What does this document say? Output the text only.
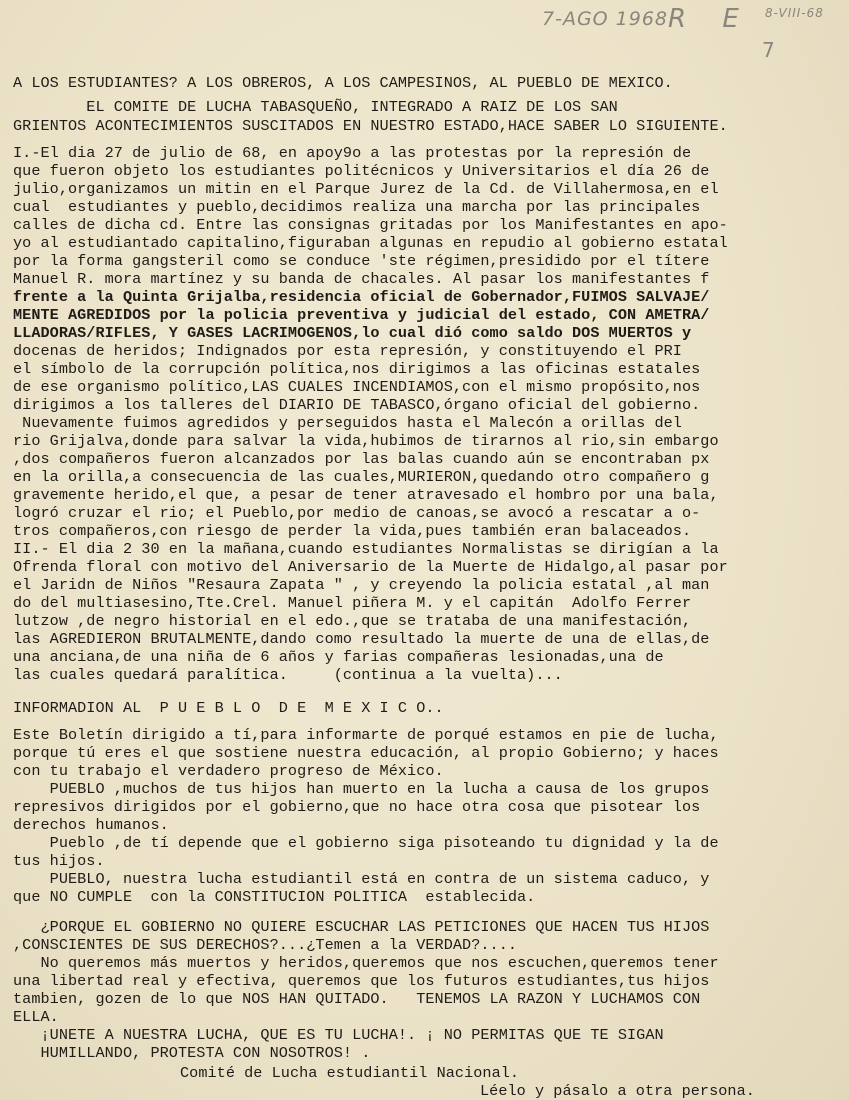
7-AGO 1968 R E 8-VIII-68
7
A LOS ESTUDIANTES? A LOS OBREROS, A LOS CAMPESINOS, AL PUEBLO DE MEXICO.
EL COMITE DE LUCHA TABASQUEÑO, INTEGRADO A RAIZ DE LOS SAN
GRIENTOS ACONTECIMIENTOS SUSCITADOS EN NUESTRO ESTADO,HACE SABER LO SIGUIENTE.
I.-El dia 27 de julio de 68, en apoy9o a las protestas por la represión de
que fueron objeto los estudiantes politécnicos y Universitarios el día 26 de
julio,organizamos un mitin en el Parque Jurez de la Cd. de Villahermosa,en el
cual  estudiantes y pueblo,decidimos realiza una marcha por las principales
calles de dicha cd. Entre las consignas gritadas por los Manifestantes en apo-
yo al estudiantado capitalino,figuraban algunas en repudio al gobierno estatal
por la forma gangsteril como se conduce 'ste régimen,presidido por el títere
Manuel R. mora martínez y su banda de chacales. Al pasar los manifestantes f
frente a la Quinta Grijalba,residencia oficial de Gobernador,FUIMOS SALVAJE/
MENTE AGREDIDOS por la policia preventiva y judicial del estado, CON AMETRA/
LLADORAS/RIFLES, Y GASES LACRIMOGENOS,lo cual dió como saldo DOS MUERTOS y
docenas de heridos; Indignados por esta represión, y constituyendo el PRI
el símbolo de la corrupción política,nos dirigimos a las oficinas estatales
de ese organismo político,LAS CUALES INCENDIAMOS,con el mismo propósito,nos
dirigimos a los talleres del DIARIO DE TABASCO,órgano oficial del gobierno.
Nuevamente fuimos agredidos y perseguidos hasta el Malecón a orillas del
rio Grijalva,donde para salvar la vida,hubimos de tirarnos al rio,sin embargo
,dos compañeros fueron alcanzados por las balas cuando aún se encontraban px
en la orilla,a consecuencia de las cuales,MURIERON,quedando otro compañero g
gravemente herido,el que, a pesar de tener atravesado el hombro por una bala,
logró cruzar el rio; el Pueblo,por medio de canoas,se avocó a rescatar a o-
tros compañeros,con riesgo de perder la vida,pues también eran balaceados.
II.- El dia 2 30 en la mañana,cuando estudiantes Normalistas se dirigían a la
Ofrenda floral con motivo del Aniversario de la Muerte de Hidalgo,al pasar por
el Jaridn de Niños "Resaura Zapata " , y creyendo la policia estatal ,al man
do del multiasesino,Tte.Crel. Manuel piñera M. y el capitán  Adolfo Ferrer
lutzow ,de negro historial en el edo.,que se trataba de una manifestación,
las AGREDIERON BRUTALMENTE,dando como resultado la muerte de una de ellas,de
una anciana,de una niña de 6 años y farias compañeras lesionadas,una de
las cuales quedará paralítica.     (continua a la vuelta)...
INFORMADION AL  P U E B L O  D E  M E X I C O..
Este Boletín dirigido a tí,para informarte de porqué estamos en pie de lucha,
porque tú eres el que sostiene nuestra educación, al propio Gobierno; y haces
con tu trabajo el verdadero progreso de México.
PUEBLO ,muchos de tus hijos han muerto en la lucha a causa de los grupos
represivos dirigidos por el gobierno,que no hace otra cosa que pisotear los
derechos humanos.
Pueblo ,de tí depende que el gobierno siga pisoteando tu dignidad y la de
tus hijos.
PUEBLO, nuestra lucha estudiantil está en contra de un sistema caduco, y
que NO CUMPLE  con la CONSTITUCION POLITICA  establecida.
¿PORQUE EL GOBIERNO NO QUIERE ESCUCHAR LAS PETICIONES QUE HACEN TUS HIJOS
,CONSCIENTES DE SUS DERECHOS?...¿Temen a la VERDAD?....
No queremos más muertos y heridos,queremos que nos escuchen,queremos tener
una libertad real y efectiva, queremos que los futuros estudiantes,tus hijos
tambien, gozen de lo que NOS HAN QUITADO.   TENEMOS LA RAZON Y LUCHAMOS CON
ELLA.
¡UNETE A NUESTRA LUCHA, QUE ES TU LUCHA!. ¡ NO PERMITAS QUE TE SIGAN
HUMILLANDO, PROTESTA CON NOSOTROS! .
Comité de Lucha estudiantil Nacional.
Léelo y pásalo a otra persona.
